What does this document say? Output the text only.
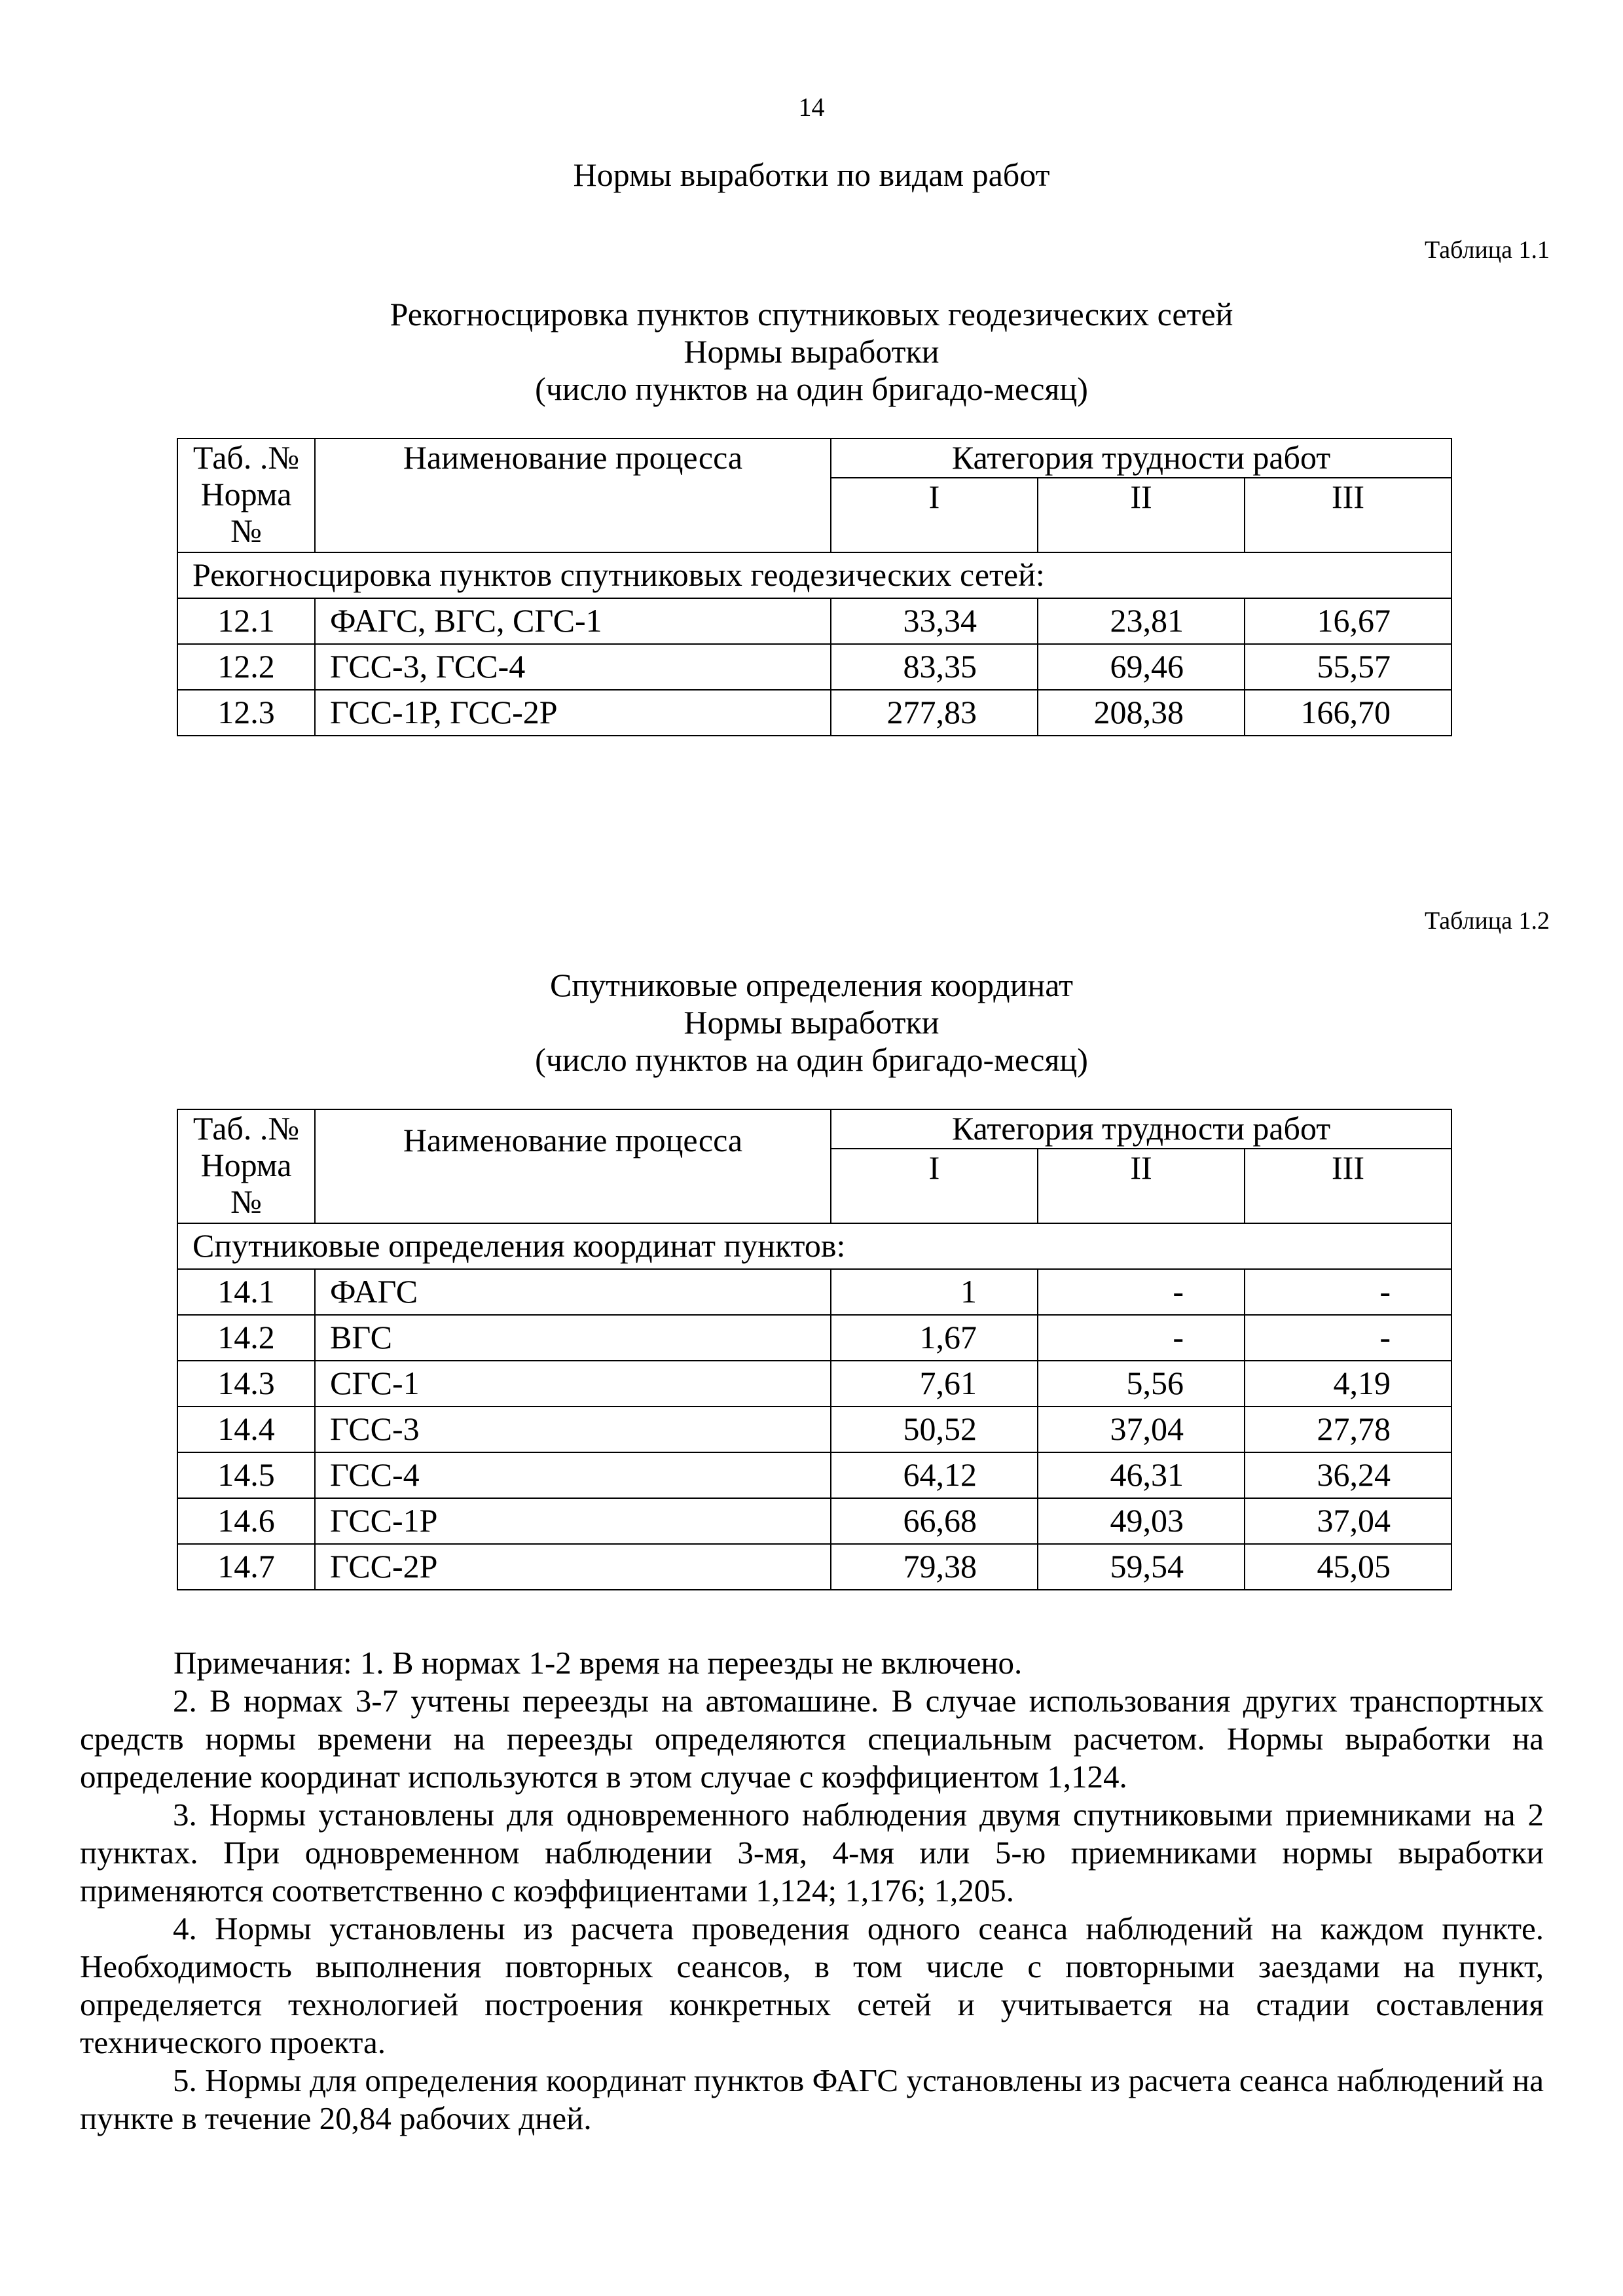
14
Нормы выработки по видам работ
Таблица 1.1
Рекогносцировка пунктов спутниковых геодезических сетей
Нормы выработки
(число пунктов на один бригадо-месяц)
Таб. .№
Норма
№	Наименование процесса	Категория трудности работ		
		I	II	III
Рекогносцировка пунктов спутниковых геодезических сетей:				
12.1	ФАГС, ВГС, СГС-1	33,34	23,81	16,67
12.2	ГСС-3, ГСС-4	83,35	69,46	55,57
12.3	ГСС-1Р, ГСС-2Р	277,83	208,38	166,70
Таблица 1.2
Спутниковые определения координат
Нормы выработки
(число пунктов на один бригадо-месяц)
Таб. .№
Норма
№	Наименование процесса	Категория трудности работ		
		I	II	III
Спутниковые определения координат пунктов:				
14.1	ФАГС	1	-	-
14.2	ВГС	1,67	-	-
14.3	СГС-1	7,61	5,56	4,19
14.4	ГСС-3	50,52	37,04	27,78
14.5	ГСС-4	64,12	46,31	36,24
14.6	ГСС-1Р	66,68	49,03	37,04
14.7	ГСС-2Р	79,38	59,54	45,05

Примечания: 1. В нормах 1-2 время на переезды не включено.

2. В нормах 3-7 учтены переезды на автомашине. В случае использования других транспортных средств нормы времени на переезды определяются специальным расчетом. Нормы выработки на определение координат используются в этом случае с коэффициентом 1,124.

3. Нормы установлены для одновременного наблюдения двумя спутниковыми приемниками на 2 пунктах. При одновременном наблюдении 3-мя, 4-мя или 5-ю приемниками нормы выработки применяются соответственно с коэффициентами 1,124; 1,176; 1,205.

4. Нормы установлены из расчета проведения одного сеанса наблюдений на каждом пункте. Необходимость выполнения повторных сеансов, в том числе с повторными заездами на пункт, определяется технологией построения конкретных сетей и учитывается на стадии составления технического проекта.

5. Нормы для определения координат пунктов ФАГС установлены из расчета сеанса наблюдений на пункте в течение 20,84 рабочих дней.
